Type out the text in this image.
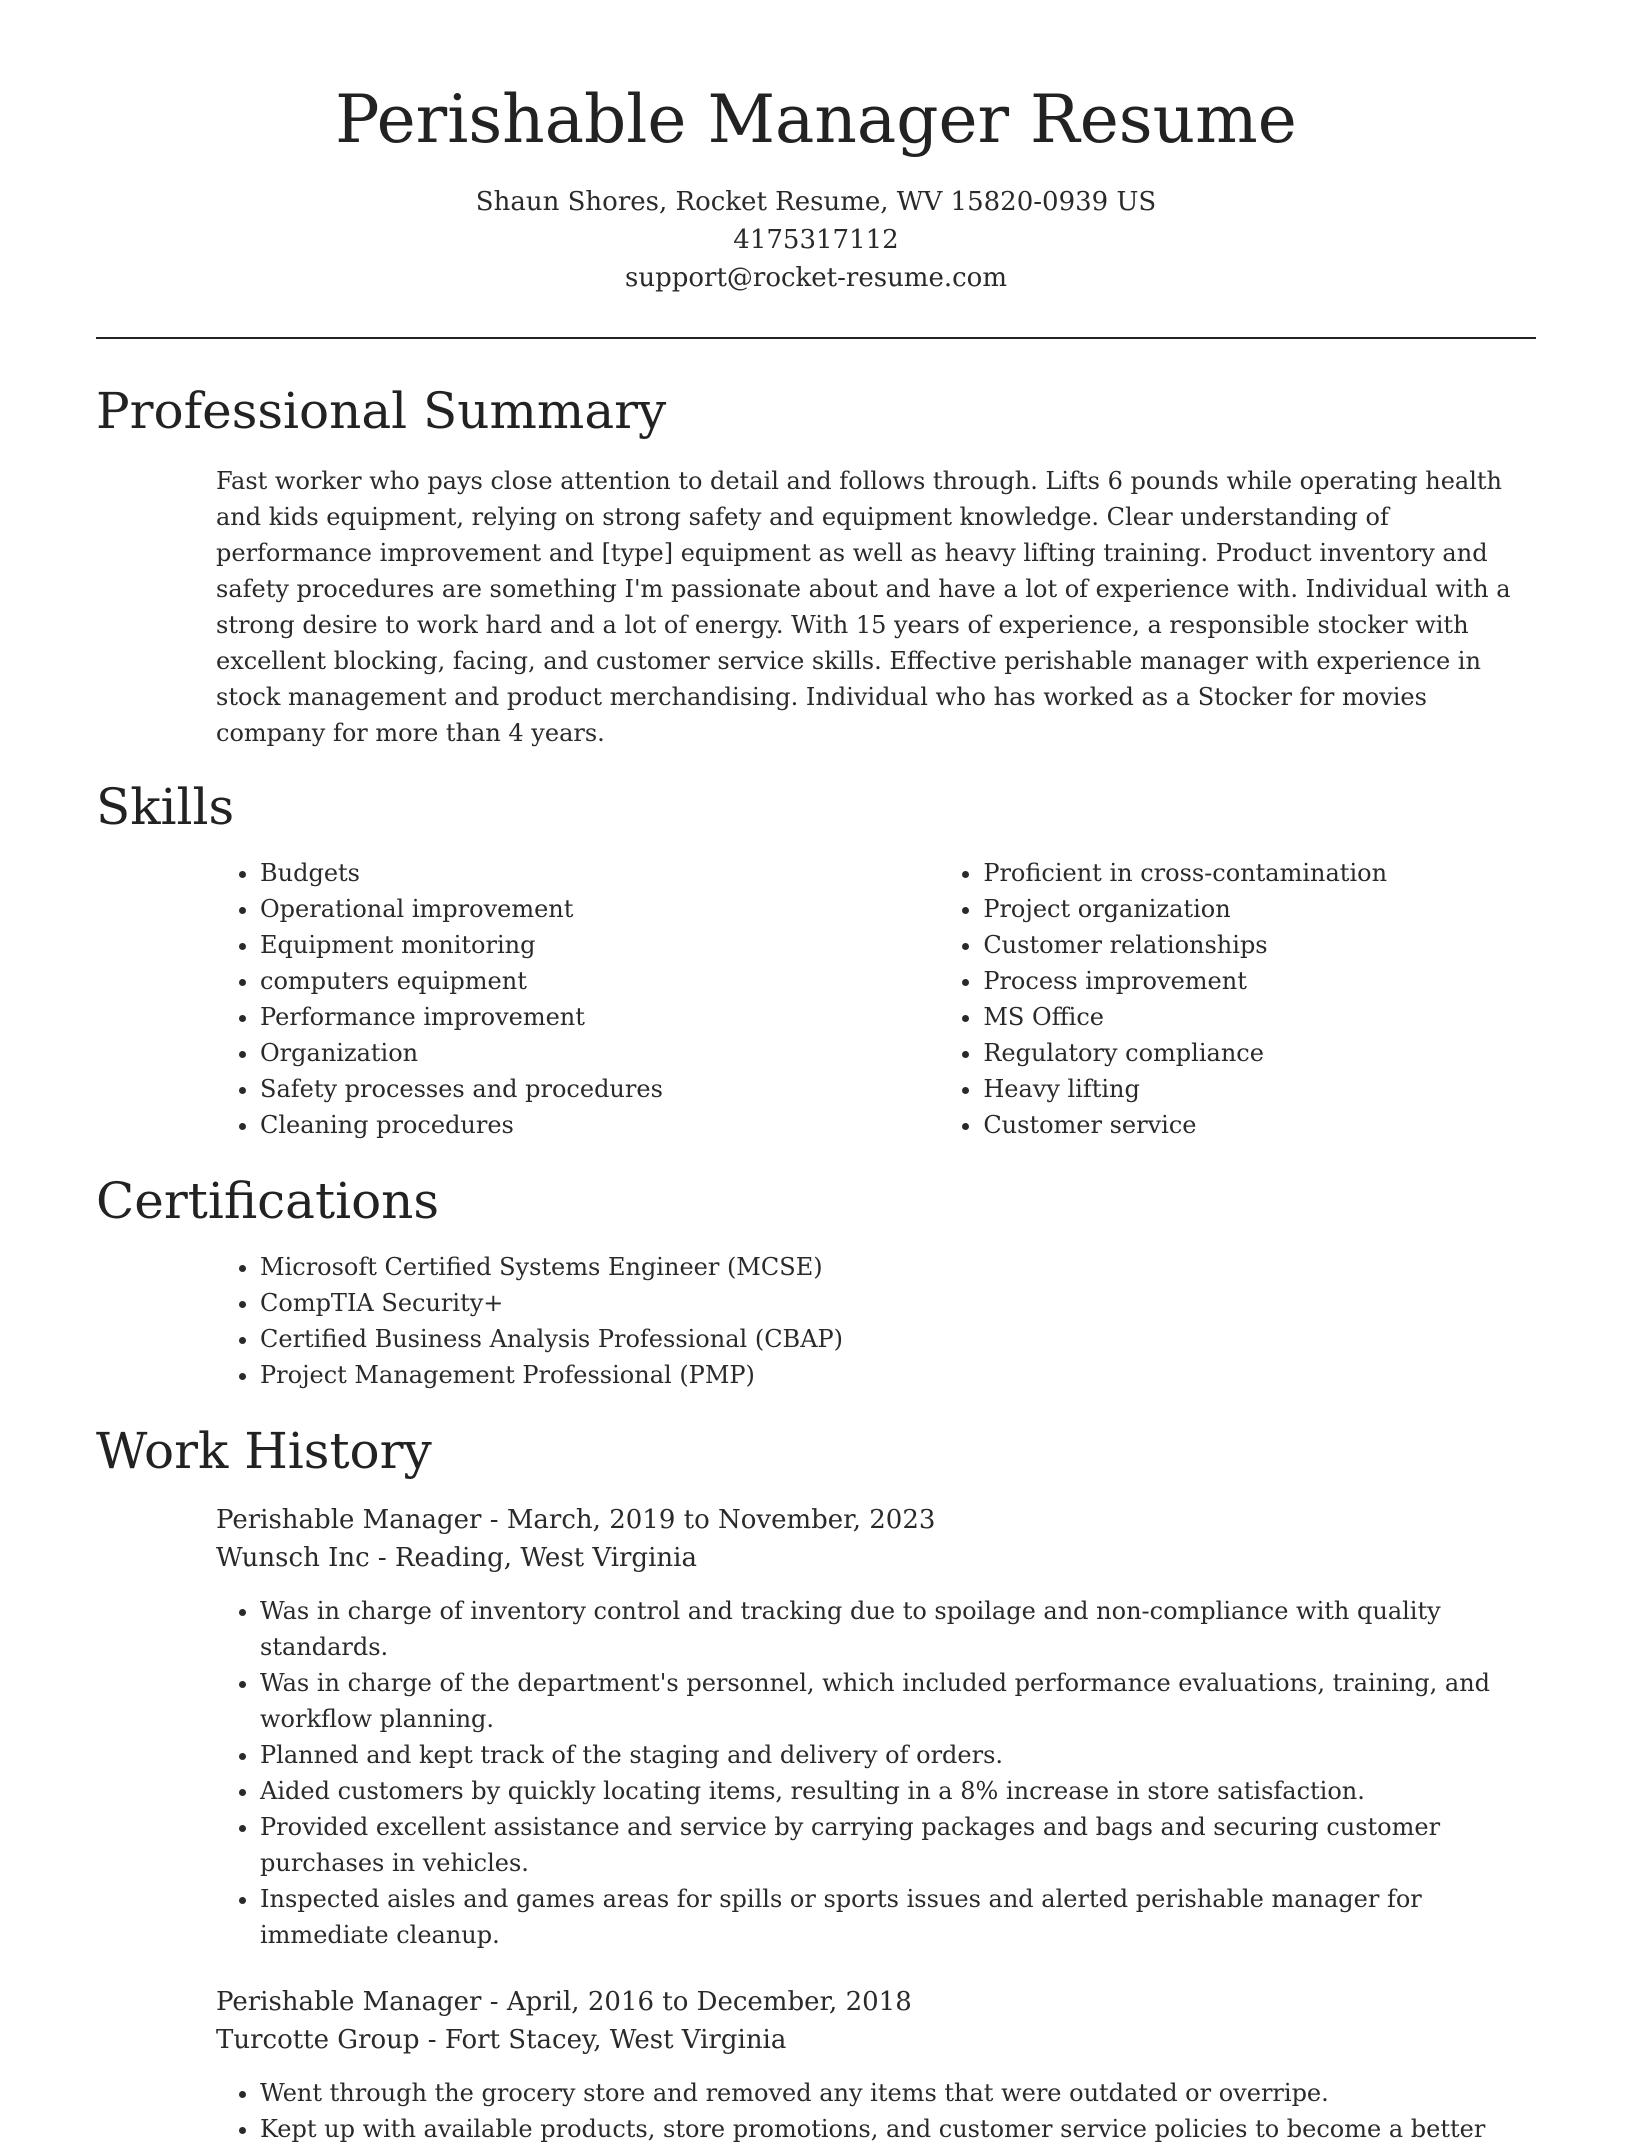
Perishable Manager Resume
Shaun Shores, Rocket Resume, WV 15820-0939 US
4175317112
support@rocket-resume.com
Professional Summary

Fast worker who pays close attention to detail and follows through. Lifts 6 pounds while operating health and kids equipment, relying on strong safety and equipment knowledge. Clear understanding of performance improvement and [type] equipment as well as heavy lifting training. Product inventory and safety procedures are something I'm passionate about and have a lot of experience with. Individual with a strong desire to work hard and a lot of energy. With 15 years of experience, a responsible stocker with excellent blocking, facing, and customer service skills. Effective perishable manager with experience in stock management and product merchandising. Individual who has worked as a Stocker for movies company for more than 4 years.

Skills
• Budgets
• Operational improvement
• Equipment monitoring
• computers equipment
• Performance improvement
• Organization
• Safety processes and procedures
• Cleaning procedures
• Proficient in cross-contamination
• Project organization
• Customer relationships
• Process improvement
• MS Office
• Regulatory compliance
• Heavy lifting
• Customer service
Certifications
• Microsoft Certified Systems Engineer (MCSE)
• CompTIA Security+
• Certified Business Analysis Professional (CBAP)
• Project Management Professional (PMP)
Work History
Perishable Manager - March, 2019 to November, 2023
Wunsch Inc - Reading, West Virginia
• Was in charge of inventory control and tracking due to spoilage and non-compliance with quality standards.
• Was in charge of the department's personnel, which included performance evaluations, training, and workflow planning.
• Planned and kept track of the staging and delivery of orders.
• Aided customers by quickly locating items, resulting in a 8% increase in store satisfaction.
• Provided excellent assistance and service by carrying packages and bags and securing customer purchases in vehicles.
• Inspected aisles and games areas for spills or sports issues and alerted perishable manager for immediate cleanup.
Perishable Manager - April, 2016 to December, 2018
Turcotte Group - Fort Stacey, West Virginia
• Went through the grocery store and removed any items that were outdated or overripe.
• Kept up with available products, store promotions, and customer service policies to become a better
